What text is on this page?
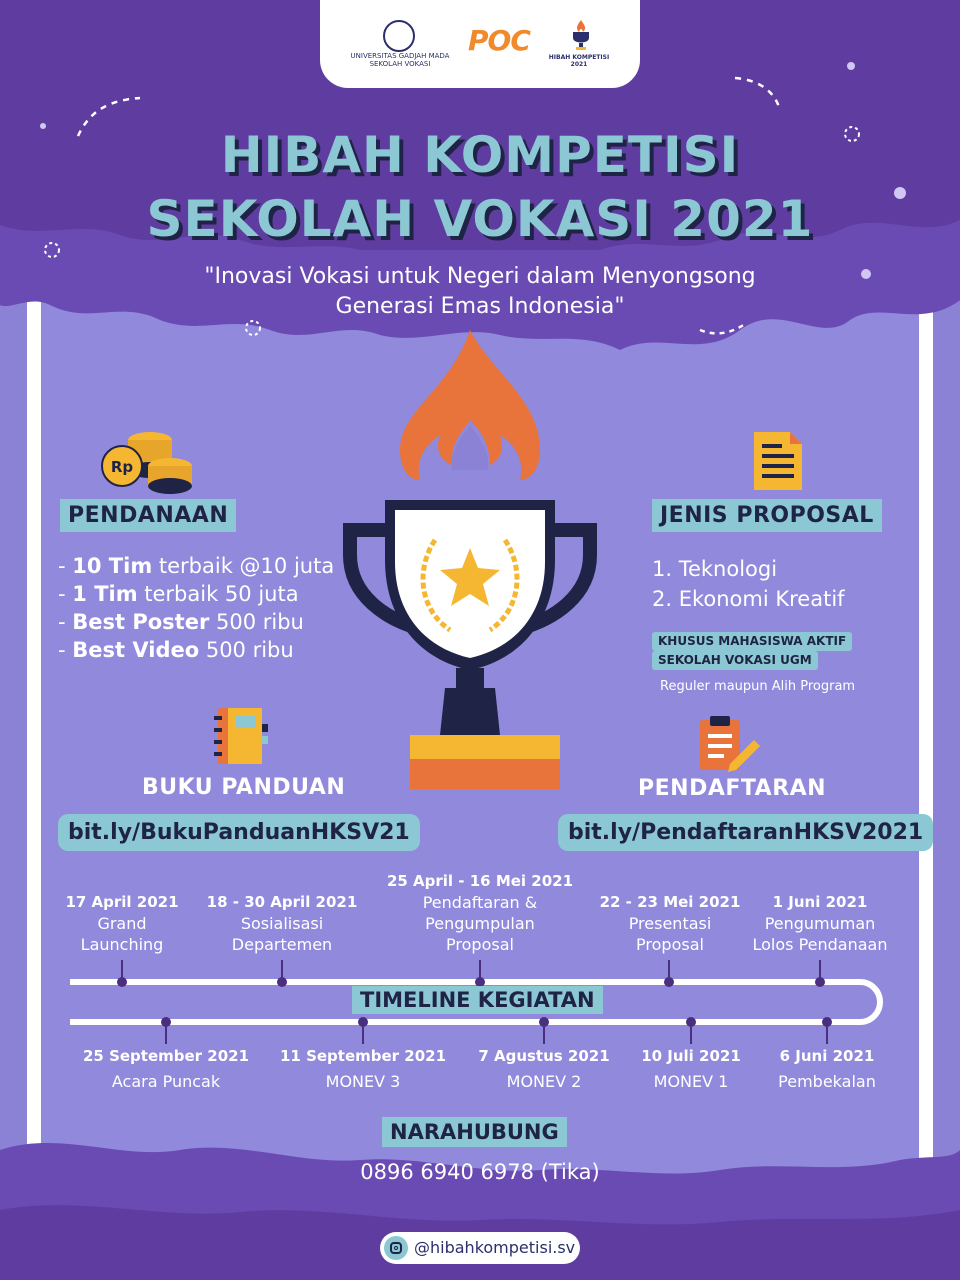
UNIVERSITAS GADJAH MADA SEKOLAH VOKASI
POC
HIBAH KOMPETISI 2021
HIBAH KOMPETISI
SEKOLAH VOKASI 2021
"Inovasi Vokasi untuk Negeri dalam Menyongsong
Generasi Emas Indonesia"
Rp
PENDANAAN
- 10 Tim terbaik @10 juta
- 1 Tim terbaik 50 juta
- Best Poster 500 ribu
- Best Video 500 ribu
JENIS PROPOSAL
1. Teknologi
2. Ekonomi Kreatif
KHUSUS MAHASISWA AKTIF
SEKOLAH VOKASI UGM
Reguler maupun Alih Program
BUKU PANDUAN
bit.ly/BukuPanduanHKSV21
PENDAFTARAN
bit.ly/PendaftaranHKSV2021
TIMELINE KEGIATAN
17 April 2021
Grand
Launching
18 - 30 April 2021
Sosialisasi
Departemen
25 April - 16 Mei 2021
Pendaftaran &
Pengumpulan
Proposal
22 - 23 Mei 2021
Presentasi
Proposal
1 Juni 2021
Pengumuman
Lolos Pendanaan
25 September 2021
Acara Puncak
11 September 2021
MONEV 3
7 Agustus 2021
MONEV 2
10 Juli 2021
MONEV 1
6 Juni 2021
Pembekalan
NARAHUBUNG
0896 6940 6978 (Tika)
@hibahkompetisi.sv
